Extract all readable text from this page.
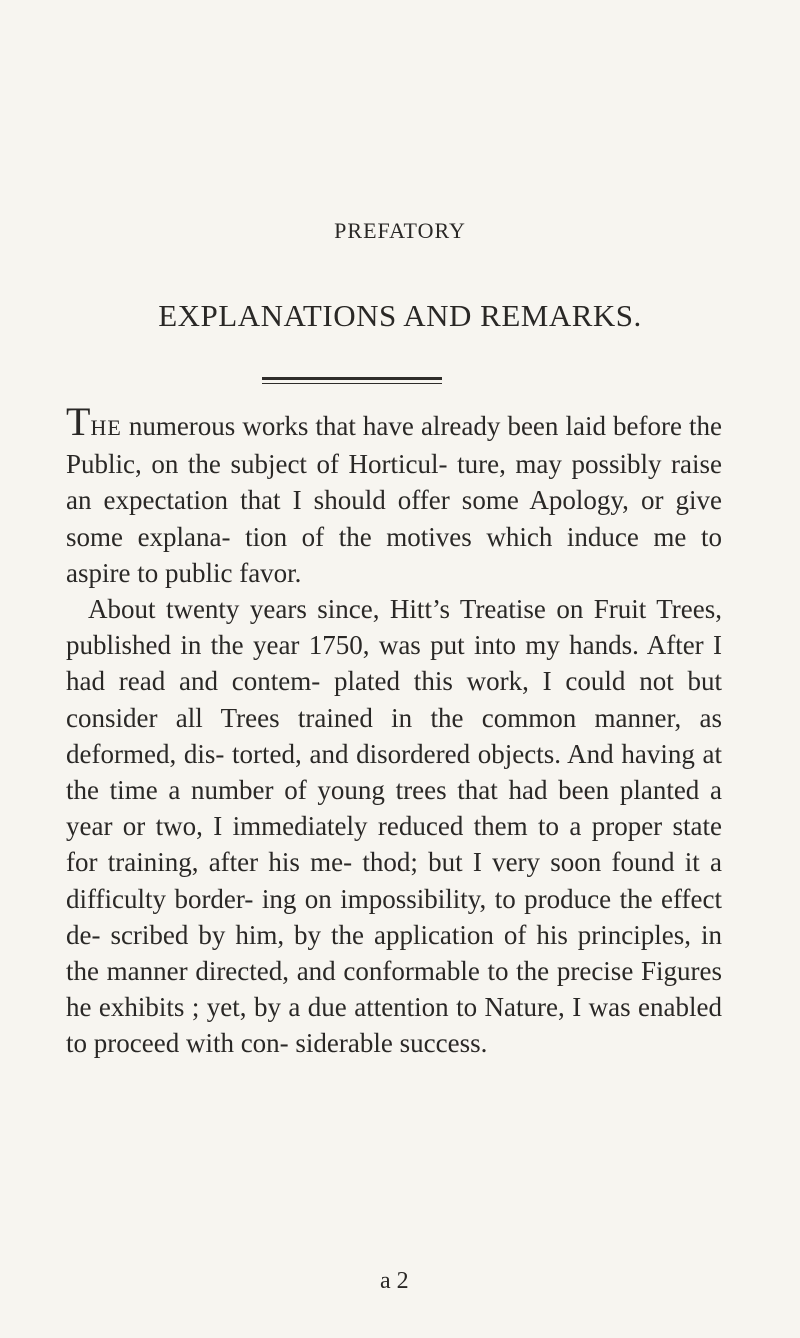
PREFATORY
EXPLANATIONS AND REMARKS.

THE numerous works that have already been laid before the Public, on the subject of Horticul- ture, may possibly raise an expectation that I should offer some Apology, or give some explana- tion of the motives which induce me to aspire to public favor.

About twenty years since, Hitt’s Treatise on Fruit Trees, published in the year 1750, was put into my hands. After I had read and contem- plated this work, I could not but consider all Trees trained in the common manner, as deformed, dis- torted, and disordered objects. And having at the time a number of young trees that had been planted a year or two, I immediately reduced them to a proper state for training, after his me- thod; but I very soon found it a difficulty border- ing on impossibility, to produce the effect de- scribed by him, by the application of his principles, in the manner directed, and conformable to the precise Figures he exhibits ; yet, by a due attention to Nature, I was enabled to proceed with con- siderable success.

a 2
